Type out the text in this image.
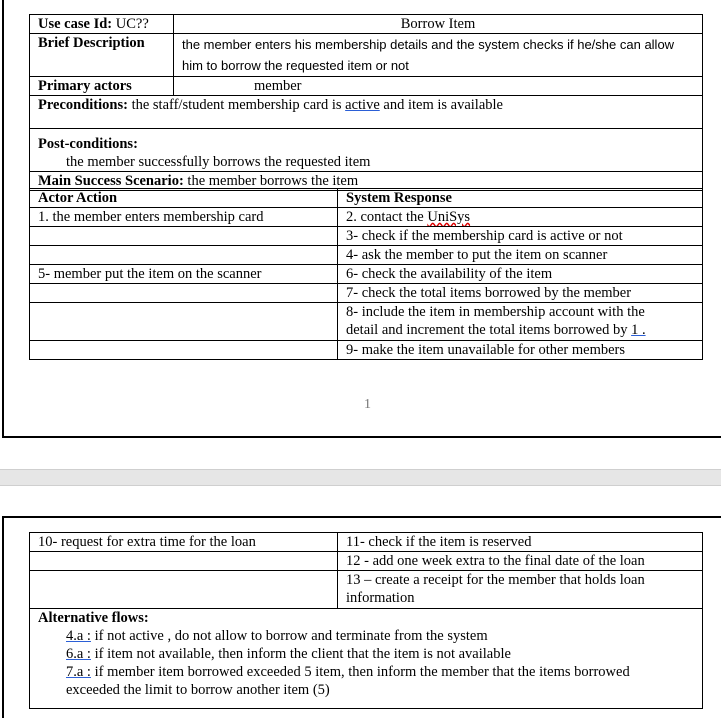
1
Use case Id: UC??	Borrow Item
Brief Description	the member enters his membership details and the system checks if he/she can allow
him to borrow the requested item or not
Primary actors	member
Preconditions: the staff/student membership card is active and item is available	
Post-conditions:

the member successfully borrows the requested item	

Main Success Scenario: the member borrows the item	
Actor Action	System Response
1. the member enters membership card	2. contact the UniSys
	3- check if the membership card is active or not
	4- ask the member to put the item on scanner
5- member put the item on the scanner	6- check the availability of the item
	7- check the total items borrowed by the member
	8- include the item in membership account with the
detail and increment the total items borrowed by 1 .
	9- make the item unavailable for other members
10- request for extra time for the loan	11- check if the item is reserved
	12 - add one week extra to the final date of the loan
	13 – create a receipt for the member that holds loan
information
Alternative flows:
4.a : if not active , do not allow to borrow and terminate from the system
6.a : if item not available, then inform the client that the item is not available
7.a : if member item borrowed exceeded 5 item, then inform the member that the items borrowed
exceeded the limit to borrow another item (5)	
